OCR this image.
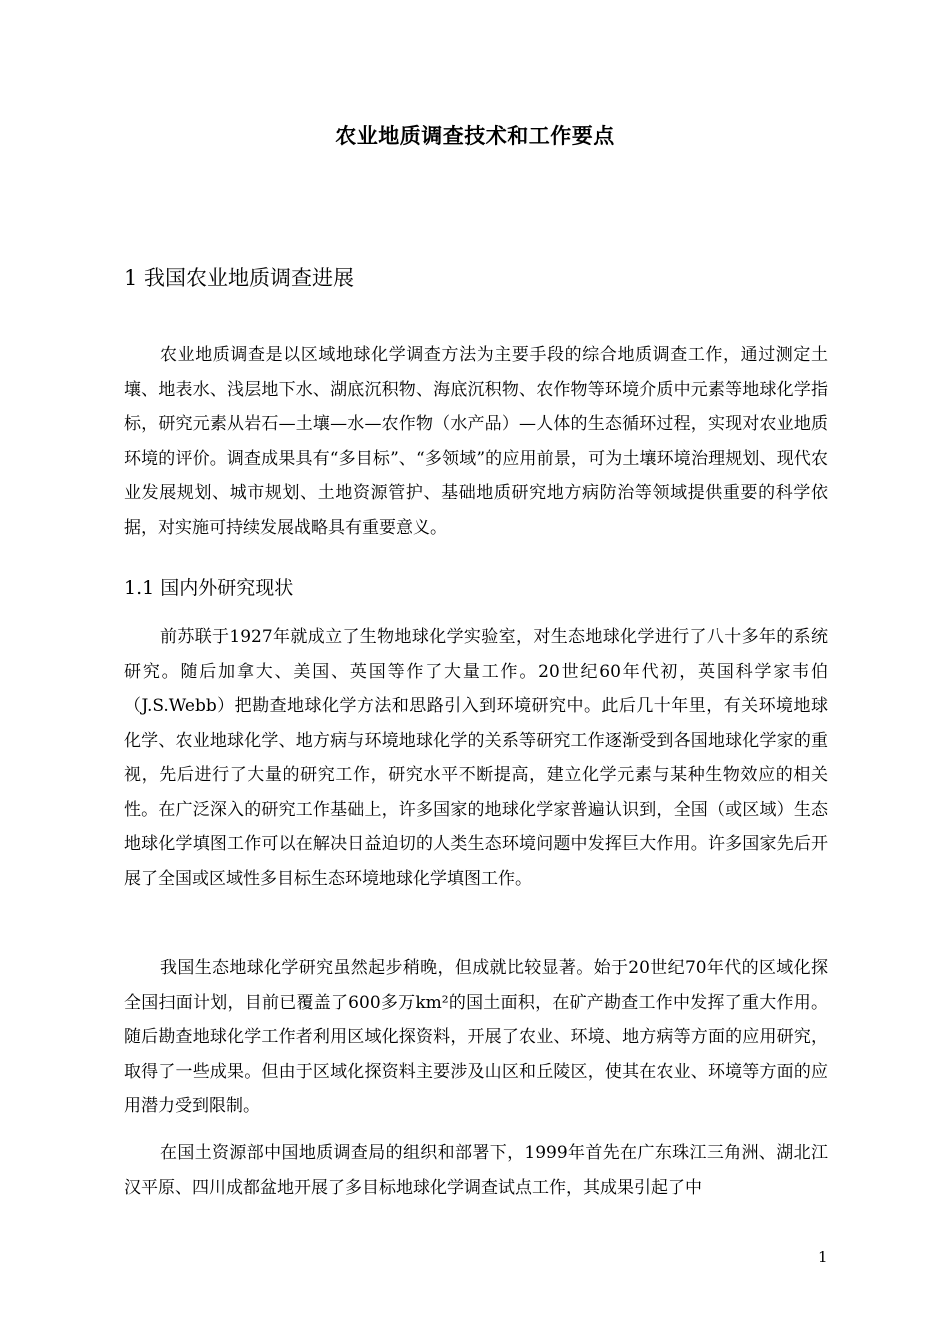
农业地质调查技术和工作要点
1 我国农业地质调查进展

农业地质调查是以区域地球化学调查方法为主要手段的综合地质调查工作，通过测定土壤、地表水、浅层地下水、湖底沉积物、海底沉积物、农作物等环境介质中元素等地球化学指标，研究元素从岩石—土壤—水—农作物（水产品）—人体的生态循环过程，实现对农业地质环境的评价。调查成果具有“多目标”、“多领域”的应用前景，可为土壤环境治理规划、现代农业发展规划、城市规划、土地资源管护、基础地质研究地方病防治等领域提供重要的科学依据，对实施可持续发展战略具有重要意义。

1.1 国内外研究现状

前苏联于1927年就成立了生物地球化学实验室，对生态地球化学进行了八十多年的系统研究。随后加拿大、美国、英国等作了大量工作。20世纪60年代初，英国科学家韦伯（J.S.Webb）把勘查地球化学方法和思路引入到环境研究中。此后几十年里，有关环境地球化学、农业地球化学、地方病与环境地球化学的关系等研究工作逐渐受到各国地球化学家的重视，先后进行了大量的研究工作，研究水平不断提高，建立化学元素与某种生物效应的相关性。在广泛深入的研究工作基础上，许多国家的地球化学家普遍认识到，全国（或区域）生态地球化学填图工作可以在解决日益迫切的人类生态环境问题中发挥巨大作用。许多国家先后开展了全国或区域性多目标生态环境地球化学填图工作。

我国生态地球化学研究虽然起步稍晚，但成就比较显著。始于20世纪70年代的区域化探全国扫面计划，目前已覆盖了600多万km²的国土面积，在矿产勘查工作中发挥了重大作用。随后勘查地球化学工作者利用区域化探资料，开展了农业、环境、地方病等方面的应用研究，取得了一些成果。但由于区域化探资料主要涉及山区和丘陵区，使其在农业、环境等方面的应用潜力受到限制。

在国土资源部中国地质调查局的组织和部署下，1999年首先在广东珠江三角洲、湖北江汉平原、四川成都盆地开展了多目标地球化学调查试点工作，其成果引起了中

1
